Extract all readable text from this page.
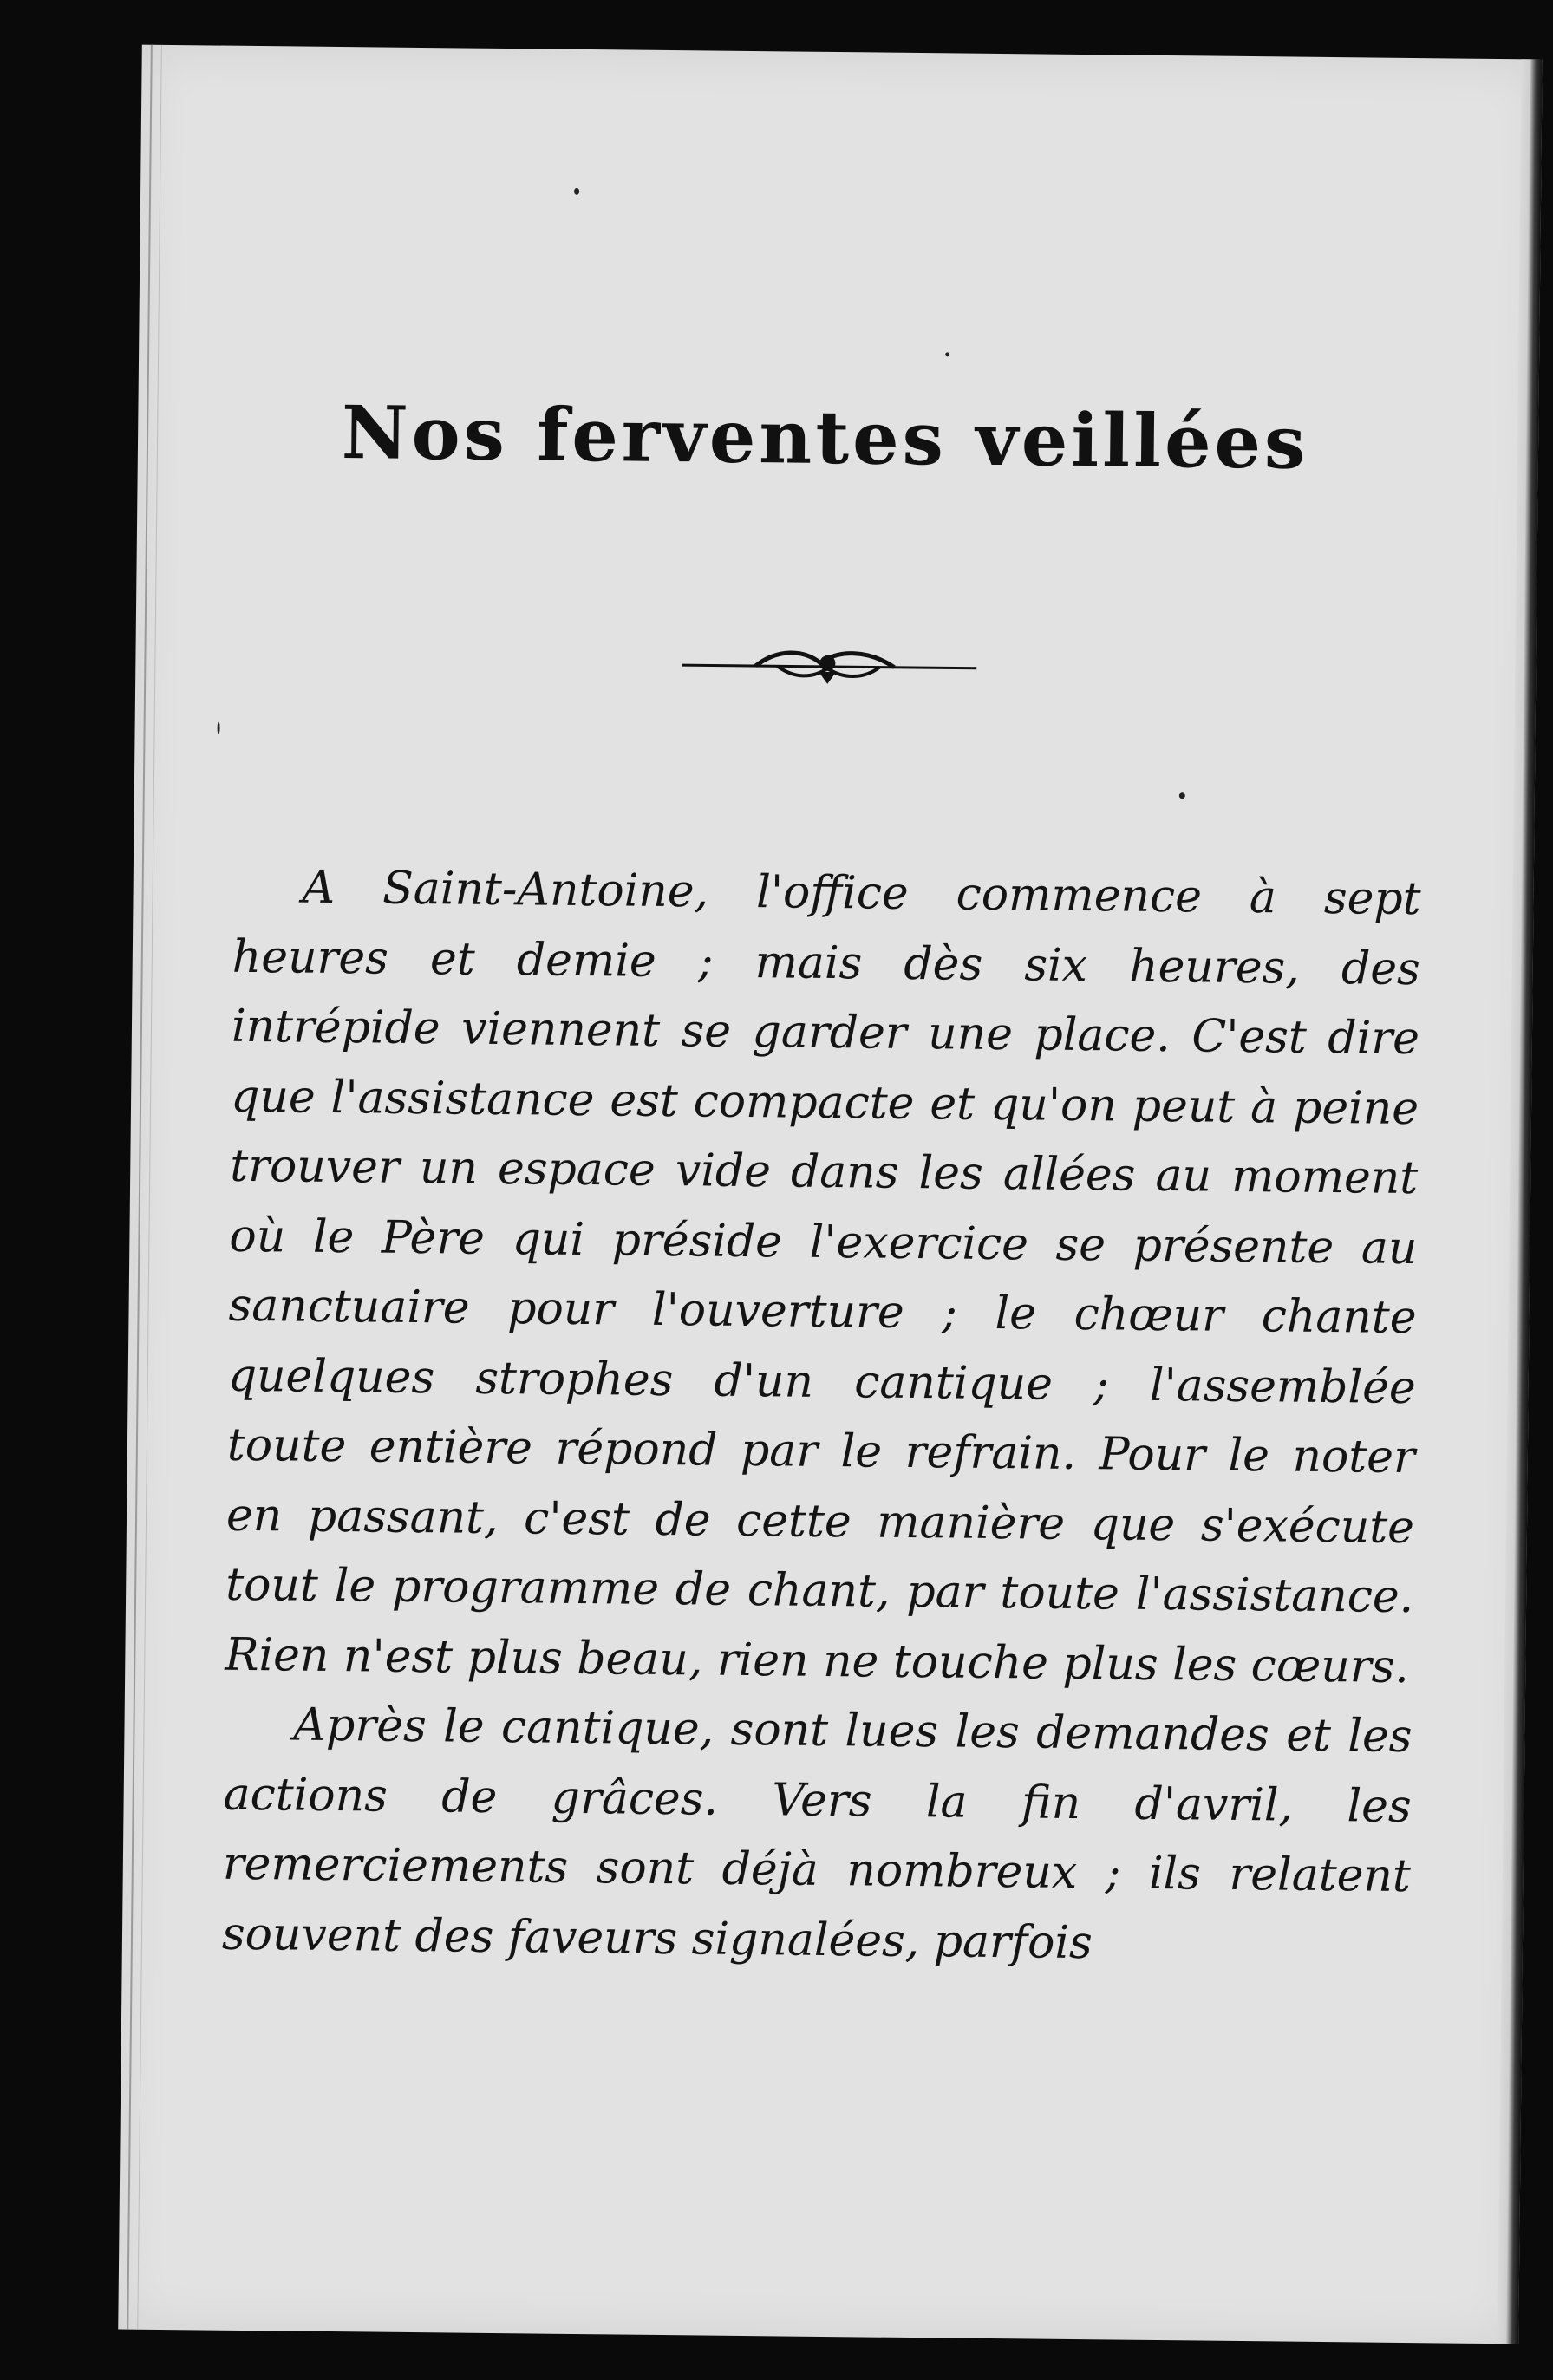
Nos ferventes veillées

A Saint-Antoine, l'office commence à sept heures et demie ; mais dès six heures, des intrépide viennent se garder une place. C'est dire que l'assistance est compacte et qu'on peut à peine trouver un espace vide dans les allées au moment où le Père qui préside l'exercice se présente au sanctuaire pour l'ouverture ; le chœur chante quelques strophes d'un cantique ; l'assemblée toute entière répond par le refrain. Pour le noter en passant, c'est de cette manière que s'exécute tout le programme de chant, par toute l'assistance. Rien n'est plus beau, rien ne touche plus les cœurs.

Après le cantique, sont lues les demandes et les actions de grâces. Vers la fin d'avril, les remerciements sont déjà nombreux ; ils relatent souvent des faveurs signalées, parfois
